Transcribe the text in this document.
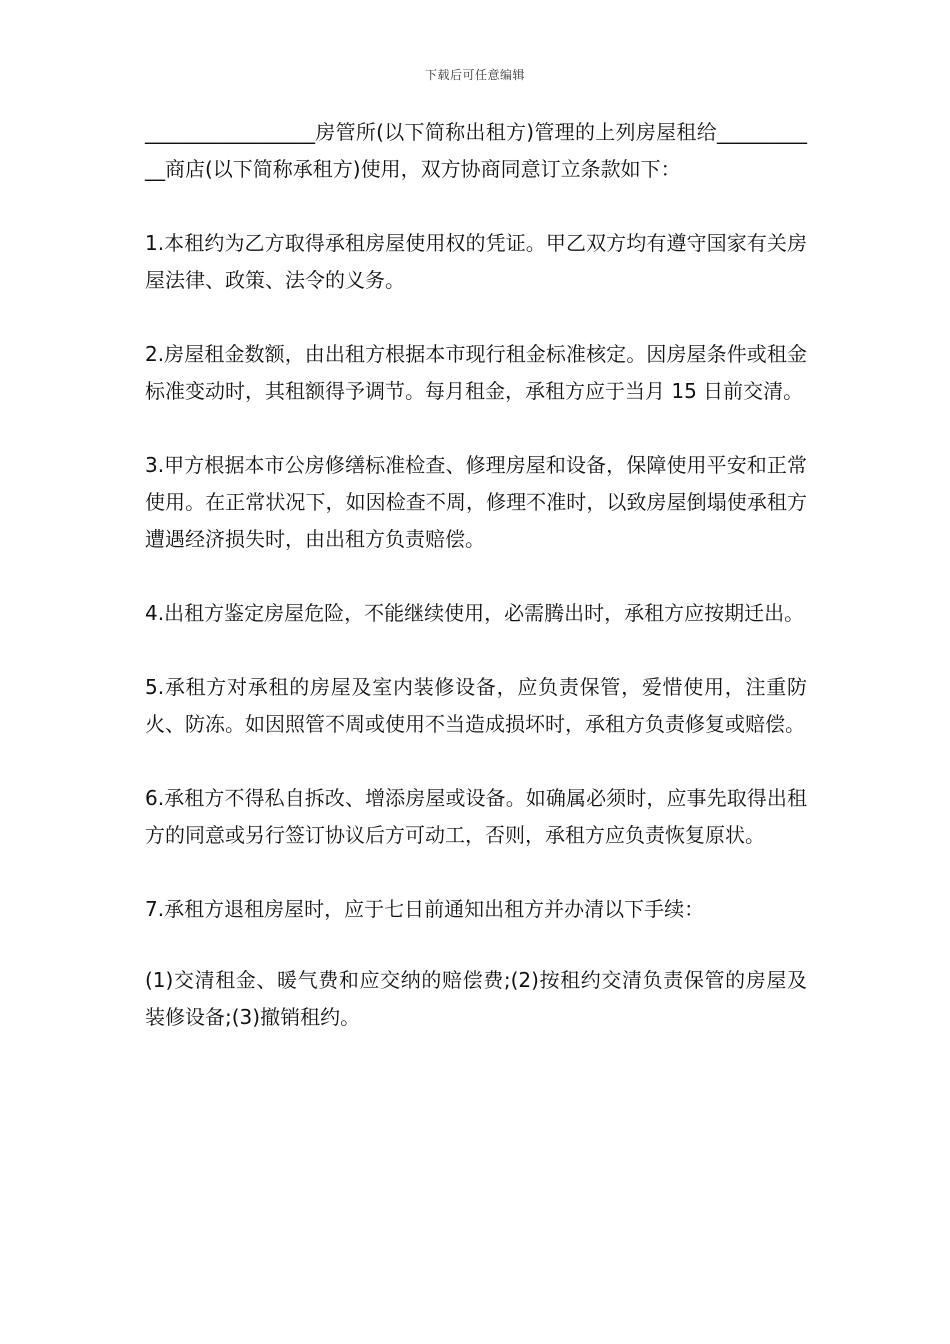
下载后可任意编辑

_________________房管所(以下简称出租方)管理的上列房屋租给___________商店(以下简称承租方)使用，双方协商同意订立条款如下：

1.本租约为乙方取得承租房屋使用权的凭证。甲乙双方均有遵守国家有关房屋法律、政策、法令的义务。

2.房屋租金数额，由出租方根据本市现行租金标准核定。因房屋条件或租金标准变动时，其租额得予调节。每月租金，承租方应于当月 15 日前交清。

3.甲方根据本市公房修缮标准检查、修理房屋和设备，保障使用平安和正常使用。在正常状况下，如因检查不周，修理不准时，以致房屋倒塌使承租方遭遇经济损失时，由出租方负责赔偿。

4.出租方鉴定房屋危险，不能继续使用，必需腾出时，承租方应按期迁出。

5.承租方对承租的房屋及室内装修设备，应负责保管，爱惜使用，注重防火、防冻。如因照管不周或使用不当造成损坏时，承租方负责修复或赔偿。

6.承租方不得私自拆改、增添房屋或设备。如确属必须时，应事先取得出租方的同意或另行签订协议后方可动工，否则，承租方应负责恢复原状。

7.承租方退租房屋时，应于七日前通知出租方并办清以下手续：

(1)交清租金、暖气费和应交纳的赔偿费;(2)按租约交清负责保管的房屋及装修设备;(3)撤销租约。
